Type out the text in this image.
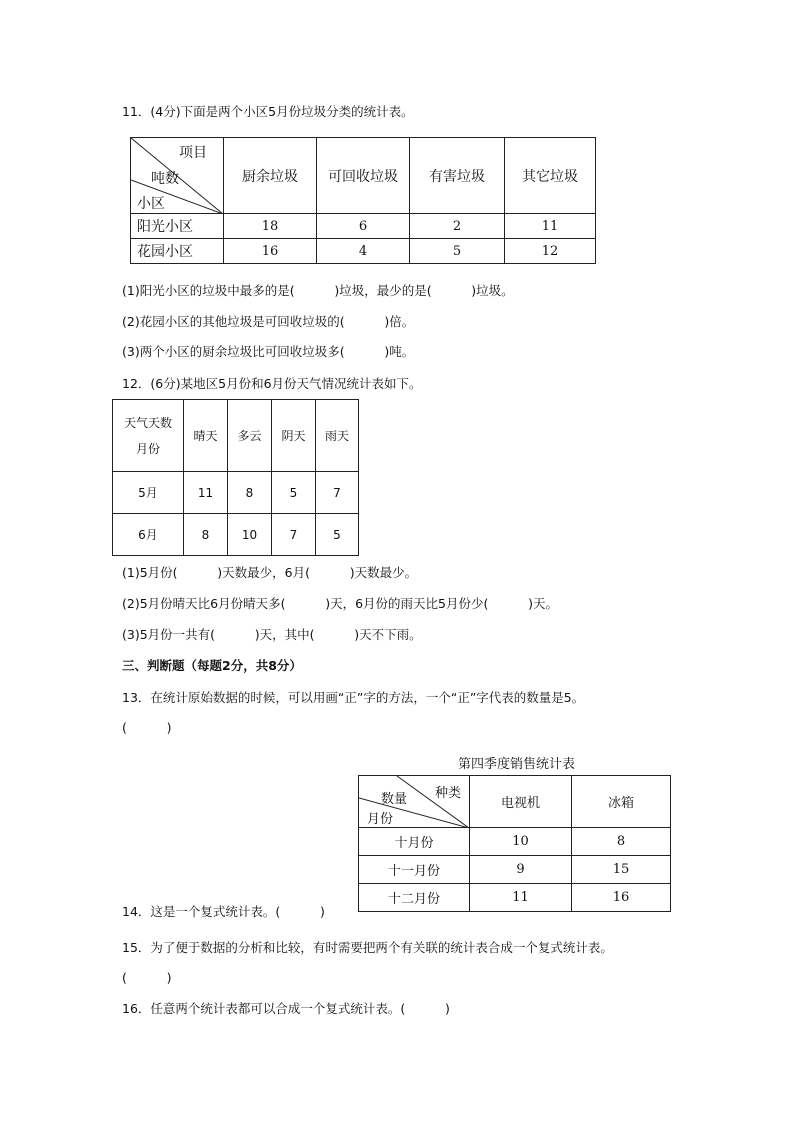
11．(4分)下面是两个小区5月份垃圾分类的统计表。
项目
吨数
小区	厨余垃圾	可回收垃圾	有害垃圾	其它垃圾
阳光小区	18	6	2	11
花园小区	16	4	5	12
(1)阳光小区的垃圾中最多的是(          )垃圾，最少的是(          )垃圾。
(2)花园小区的其他垃圾是可回收垃圾的(          )倍。
(3)两个小区的厨余垃圾比可回收垃圾多(          )吨。
12．(6分)某地区5月份和6月份天气情况统计表如下。
天气天数
月份	晴天	多云	阴天	雨天
5月	11	8	5	7
6月	8	10	7	5
(1)5月份(          )天数最少，6月(          )天数最少。
(2)5月份晴天比6月份晴天多(          )天，6月份的雨天比5月份少(          )天。
(3)5月份一共有(          )天，其中(          )天不下雨。
三、判断题（每题2分，共8分）
13．在统计原始数据的时候，可以用画“正”字的方法，一个“正”字代表的数量是5。
(          )
第四季度销售统计表
种类
数量
月份	电视机	冰箱
十月份	10	8
十一月份	9	15
十二月份	11	16
14．这是一个复式统计表。(          )
15．为了便于数据的分析和比较，有时需要把两个有关联的统计表合成一个复式统计表。
(          )
16．任意两个统计表都可以合成一个复式统计表。(          )
